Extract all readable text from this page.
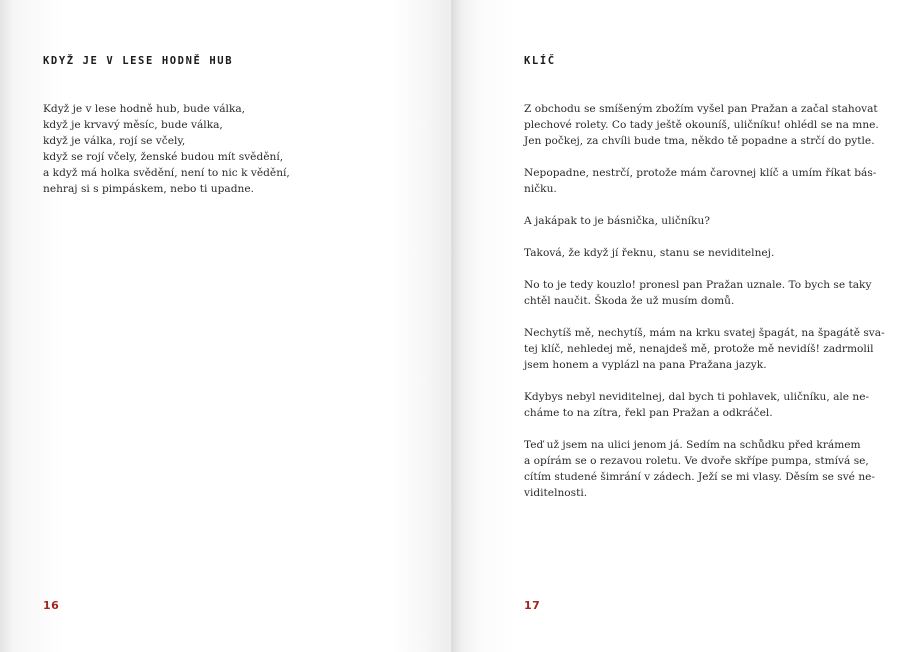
KDYŽ JE V LESE HODNĚ HUB
Když je v lese hodně hub, bude válka,
když je krvavý měsíc, bude válka,
když je válka, rojí se včely,
když se rojí včely, ženské budou mít svědění,
a když má holka svědění, není to nic k vědění,
nehraj si s pimpáskem, nebo ti upadne.
16
KLÍČ

Z obchodu se smíšeným zbožím vyšel pan Pražan a začal stahovat
plechové rolety. Co tady ještě okouníš, uličníku! ohlédl se na mne.
Jen počkej, za chvíli bude tma, někdo tě popadne a strčí do pytle.

Nepopadne, nestrčí, protože mám čarovnej klíč a umím říkat bás-
ničku.

A jakápak to je básnička, uličníku?

Taková, že když jí řeknu, stanu se neviditelnej.

No to je tedy kouzlo! pronesl pan Pražan uznale. To bych se taky
chtěl naučit. Škoda že už musím domů.

Nechytíš mě, nechytíš, mám na krku svatej špagát, na špagátě sva-
tej klíč, nehledej mě, nenajdeš mě, protože mě nevidíš! zadrmolil
jsem honem a vyplázl na pana Pražana jazyk.

Kdybys nebyl neviditelnej, dal bych ti pohlavek, uličníku, ale ne-
cháme to na zítra, řekl pan Pražan a odkráčel.

Teď už jsem na ulici jenom já. Sedím na schůdku před krámem
a opírám se o rezavou roletu. Ve dvoře skřípe pumpa, stmívá se,
cítím studené šimrání v zádech. Ježí se mi vlasy. Děsím se své ne-
viditelnosti.

17
